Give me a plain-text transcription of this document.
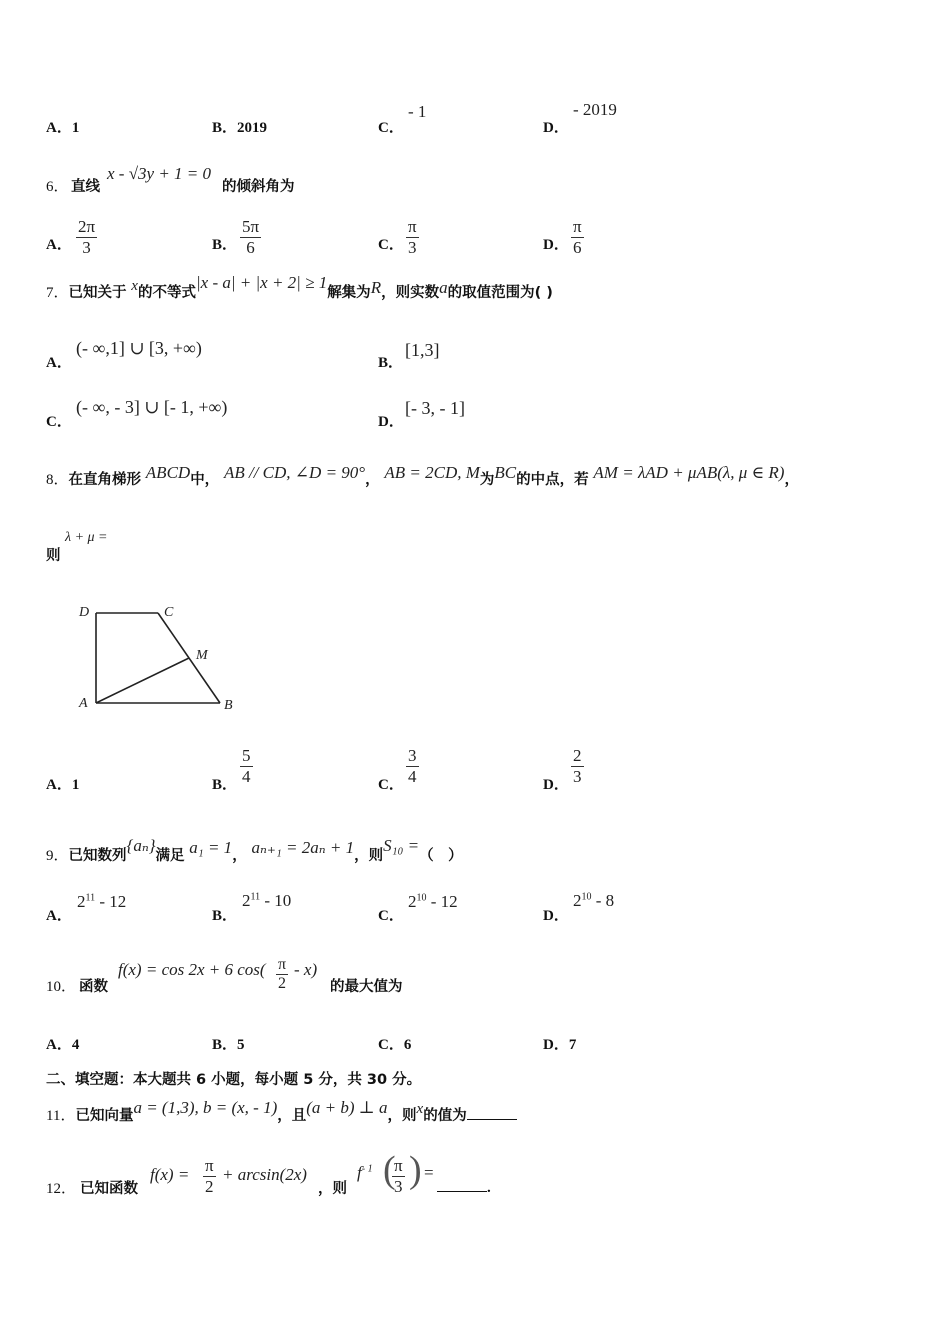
A．1	B．2019	C．
- 1
D．
- 2019
6． 直线
x - √3y + 1 = 0
的倾斜角为
A． $\frac{2\pi}{3}$	B． $\frac{5\pi}{6}$	C． $\frac{\pi}{3}$	D． $\frac{\pi}{6}$
7．已知关于 x的不等式|x - a| + |x + 2| ≥ 1解集为R，则实数a的取值范围为( )
A．
(- ∞,1] ∪ [3, +∞)
B．
[1,3]
C．
(- ∞, - 3] ∪ [- 1, +∞)
D．
[- 3, - 1]
8．在直角梯形 ABCD中， AB // CD, ∠D = 90°， AB = 2CD, M为BC的中点，若 AM = λAD + μAB(λ, μ ∈ R)，
则
λ + μ =
D	C
M
A	B
A．1	B． $\frac{5}{4}$	C． $\frac{3}{4}$	D． $\frac{2}{3}$
9．已知数列{aₙ}满足 a₁ = 1， aₙ₊₁ = 2aₙ + 1，则S₁₀ =（　）
A．
$2^{11} - 12$
B．
$2^{11} - 10$
C．
$2^{10} - 12$
D．
$2^{10} - 8$
10． 函数
f(x) = cos 2x + 6 $\cos( \frac{\pi}{2} - x)$
的最大值为
A．4	B．5	C．6	D．7
二、填空题：本大题共 6 小题，每小题 5 分，共 30 分。
11．已知向量a = (1,3), b = (x, - 1)，且(a + b) ⊥ a，则x的值为
12． 已知函数
$f(x) = \frac{\pi}{2} + \arcsin(2x)$
，则
$f^{- 1}$ (
$\frac{\pi}{3}$ ) =
.
